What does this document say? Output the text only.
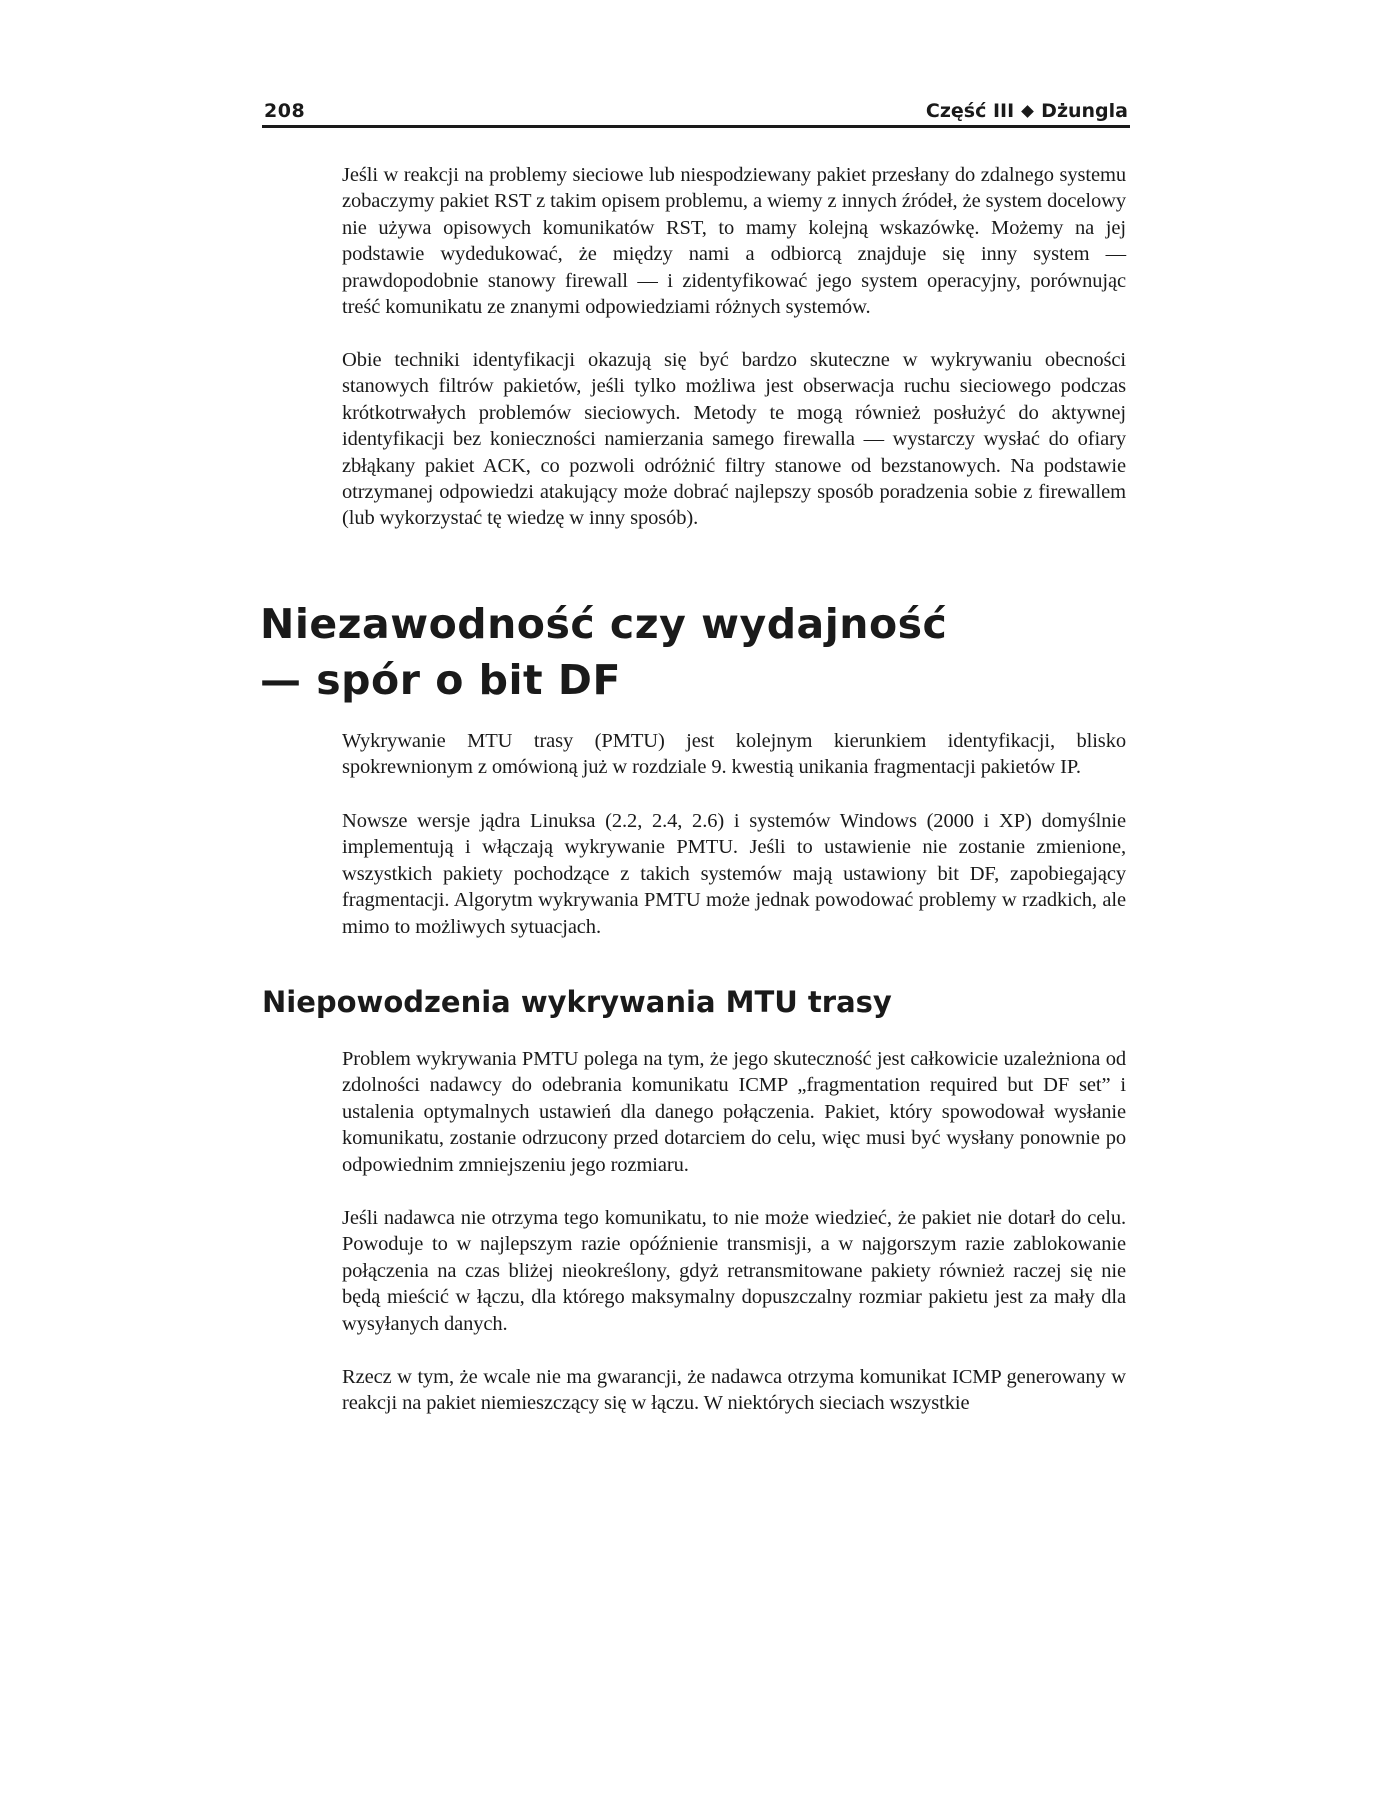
208	Część III Dżungla

Jeśli w reakcji na problemy sieciowe lub niespodziewany pakiet przesłany do zdalnego systemu zobaczymy pakiet RST z takim opisem problemu, a wiemy z innych źródeł, że system docelowy nie używa opisowych komunikatów RST, to mamy kolejną wskazówkę. Możemy na jej podstawie wydedukować, że między nami a odbiorcą znajduje się inny system — prawdopodobnie stanowy firewall — i zidentyfikować jego system operacyjny, porównując treść komunikatu ze znanymi odpowiedziami różnych systemów.

Obie techniki identyfikacji okazują się być bardzo skuteczne w wykrywaniu obecności stanowych filtrów pakietów, jeśli tylko możliwa jest obserwacja ruchu sieciowego podczas krótkotrwałych problemów sieciowych. Metody te mogą również posłużyć do aktywnej identyfikacji bez konieczności namierzania samego firewalla — wystarczy wysłać do ofiary zbłąkany pakiet ACK, co pozwoli odróżnić filtry stanowe od bezstanowych. Na podstawie otrzymanej odpowiedzi atakujący może dobrać najlepszy sposób poradzenia sobie z firewallem (lub wykorzystać tę wiedzę w inny sposób).

Niezawodność czy wydajność
— spór o bit DF

Wykrywanie MTU trasy (PMTU) jest kolejnym kierunkiem identyfikacji, blisko spokrewnionym z omówioną już w rozdziale 9. kwestią unikania fragmentacji pakietów IP.

Nowsze wersje jądra Linuksa (2.2, 2.4, 2.6) i systemów Windows (2000 i XP) domyślnie implementują i włączają wykrywanie PMTU. Jeśli to ustawienie nie zostanie zmienione, wszystkich pakiety pochodzące z takich systemów mają ustawiony bit DF, zapobiegający fragmentacji. Algorytm wykrywania PMTU może jednak powodować problemy w rzadkich, ale mimo to możliwych sytuacjach.

Niepowodzenia wykrywania MTU trasy

Problem wykrywania PMTU polega na tym, że jego skuteczność jest całkowicie uzależniona od zdolności nadawcy do odebrania komunikatu ICMP „fragmentation required but DF set” i ustalenia optymalnych ustawień dla danego połączenia. Pakiet, który spowodował wysłanie komunikatu, zostanie odrzucony przed dotarciem do celu, więc musi być wysłany ponownie po odpowiednim zmniejszeniu jego rozmiaru.

Jeśli nadawca nie otrzyma tego komunikatu, to nie może wiedzieć, że pakiet nie dotarł do celu. Powoduje to w najlepszym razie opóźnienie transmisji, a w najgorszym razie zablokowanie połączenia na czas bliżej nieokreślony, gdyż retransmitowane pakiety również raczej się nie będą mieścić w łączu, dla którego maksymalny dopuszczalny rozmiar pakietu jest za mały dla wysyłanych danych.

Rzecz w tym, że wcale nie ma gwarancji, że nadawca otrzyma komunikat ICMP generowany w reakcji na pakiet niemieszczący się w łączu. W niektórych sieciach wszystkie
